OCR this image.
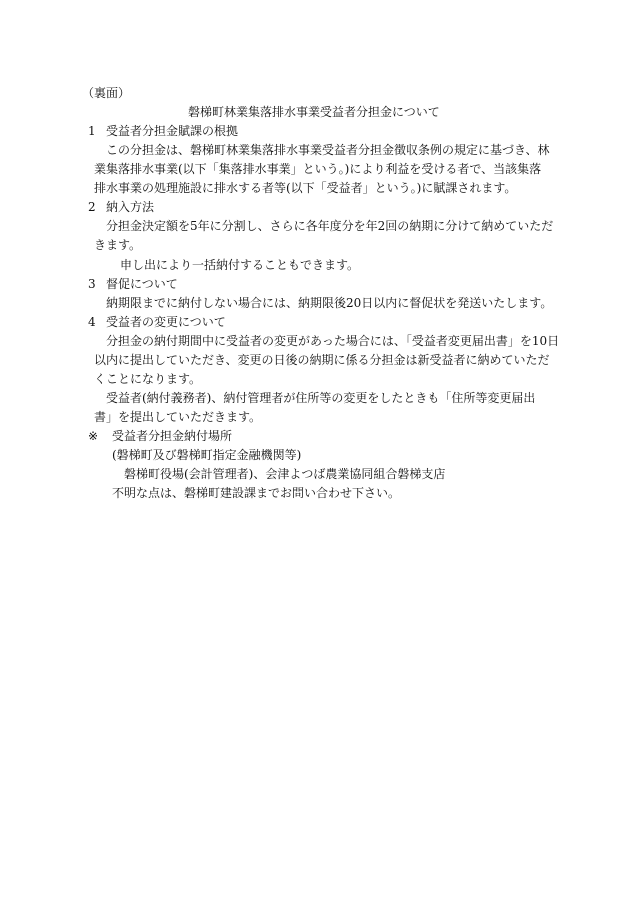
（裏面）
磐梯町林業集落排水事業受益者分担金について
1 受益者分担金賦課の根拠
この分担金は、磐梯町林業集落排水事業受益者分担金徴収条例の規定に基づき、林
業集落排水事業(以下「集落排水事業」という。)により利益を受ける者で、当該集落
排水事業の処理施設に排水する者等(以下「受益者」という。)に賦課されます。
2 納入方法
分担金決定額を5年に分割し、さらに各年度分を年2回の納期に分けて納めていただ
きます。
申し出により一括納付することもできます。
3 督促について
納期限までに納付しない場合には、納期限後20日以内に督促状を発送いたします。
4 受益者の変更について
分担金の納付期間中に受益者の変更があった場合には、「受益者変更届出書」を10日
以内に提出していただき、変更の日後の納期に係る分担金は新受益者に納めていただ
くことになります。
受益者(納付義務者)、納付管理者が住所等の変更をしたときも「住所等変更届出
書」を提出していただきます。
※ 受益者分担金納付場所
(磐梯町及び磐梯町指定金融機関等)
磐梯町役場(会計管理者)、会津よつば農業協同組合磐梯支店
不明な点は、磐梯町建設課までお問い合わせ下さい。
